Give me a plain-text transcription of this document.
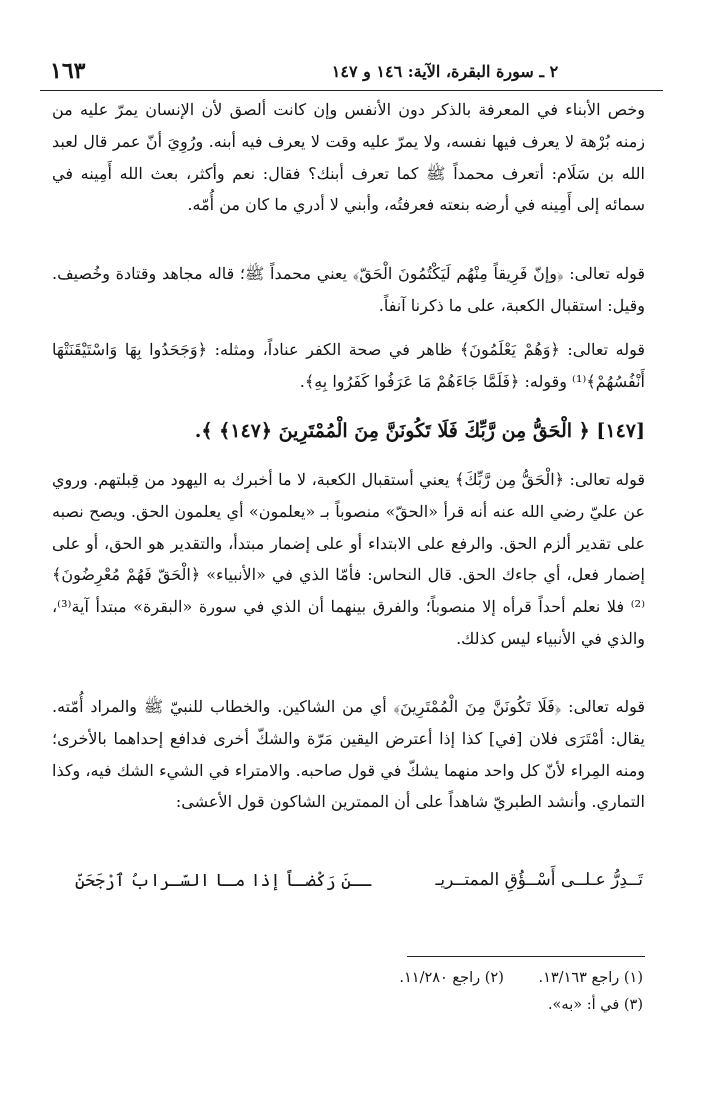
١٦٣	٢ ـ سورة البقرة، الآية: ١٤٦ و ١٤٧

وخص الأبناء في المعرفة بالذكر دون الأنفس وإن كانت ألصق لأن الإنسان يمرّ عليه من زمنه بُرْهة لا يعرف فيها نفسه، ولا يمرّ عليه وقت لا يعرف فيه أبنه. ورُوِيَ أنّ عمر قال لعبد الله بن سَلَام: أتعرف محمداً ﷺ كما تعرف أبنك؟ فقال: نعم وأكثر، بعث الله أَمِينه في سمائه إلى أَمِينه في أرضه بنعته فعرفتُه، وأبني لا أدري ما كان من أُمّه.

قوله تعالى: ﴿وإنّ فَرِيقاً مِنْهُم لَيَكْتُمُونَ الْحَقّ﴾ يعني محمداً ﷺ؛ قاله مجاهد وقتادة وخُصيف. وقيل: استقبال الكعبة، على ما ذكرنا آنفاً.

قوله تعالى: ﴿وَهُمْ يَعْلَمُونَ﴾ ظاهر في صحة الكفر عناداً، ومثله: ﴿وَجَحَدُوا بِهَا وَاسْتَيْقَنَتْهَا أَنْفُسُهُمْ﴾⁽¹⁾ وقوله: ﴿فَلَمَّا جَاءَهُمْ مَا عَرَفُوا كَفَرُوا بِهِ﴾.

[١٤٧] ﴿ الْحَقُّ مِن رَّبِّكَ فَلَا تَكُونَنَّ مِنَ الْمُمْتَرِينَ ﴿١٤٧﴾ ﴾.

قوله تعالى: ﴿الْحَقُّ مِن رَّبِّكَ﴾ يعني أستقبال الكعبة، لا ما أخبرك به اليهود من قِبلتهم. وروي عن عليّ رضي الله عنه أنه قرأ «الحقّ» منصوباً بـ «يعلمون» أي يعلمون الحق. ويصح نصبه على تقدير ألزم الحق. والرفع على الابتداء أو على إضمار مبتدأ، والتقدير هو الحق، أو على إضمار فعل، أي جاءك الحق. قال النحاس: فأمّا الذي في «الأنبياء» ﴿الْحَقّ فَهُمْ مُعْرِضُونَ﴾⁽²⁾ فلا نعلم أحداً قرأه إلا منصوباً؛ والفرق بينهما أن الذي في سورة «البقرة» مبتدأ آية⁽³⁾، والذي في الأنبياء ليس كذلك.

قوله تعالى: ﴿فَلَا تَكُونَنَّ مِنَ الْمُمْتَرِينَ﴾ أي من الشاكين. والخطاب للنبيّ ﷺ والمراد أُمّته. يقال: أمْتَرَى فلان [في] كذا إذا أعترض اليقين مَرّة والشكّ أخرى فدافع إحداهما بالأخرى؛ ومنه المِراء لأنّ كل واحد منهما يشكّ في قول صاحبه. والامتراء في الشيء الشك فيه، وكذا التماري. وأنشد الطبريّ شاهداً على أن الممترين الشاكون قول الأعشى:

تَــدِرُّ عـلــى أَسْــؤُقِ الممتــريـ
ــنَ رَكْضـاً إذا مـا السّـرابُ ٱرْجَحَنّ
(١) راجع ١٣/١٦٣. (٢) راجع ١١/٢٨٠.
(٣) في أ: «به».
